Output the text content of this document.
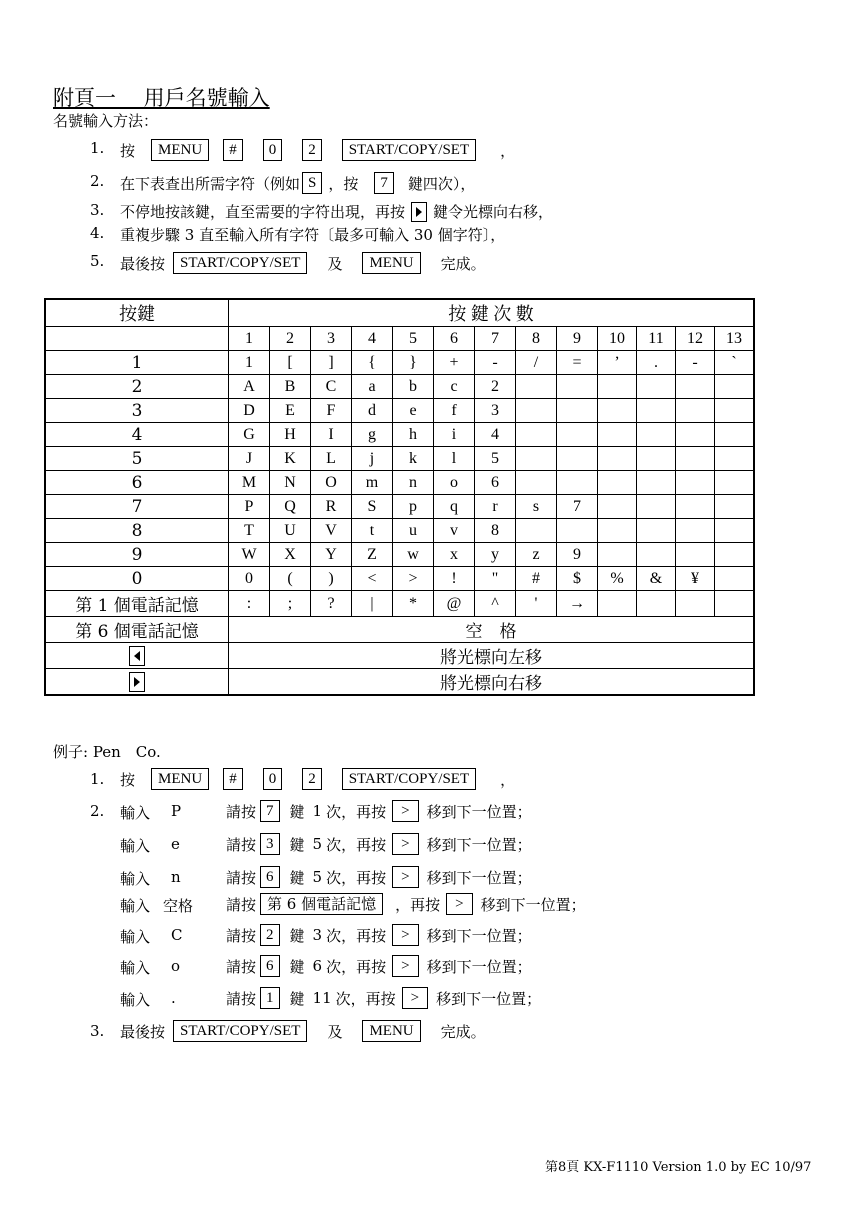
附頁一　 用戶名號輸入
名號輸入方法：
1. 按	MENU	#	0	2	START/COPY/SET	，
2. 在下表查出所需字符（例如 S ，按	7	鍵四次），
3. 不停地按該鍵，直至需要的字符出現，再按 鍵令光標向右移，
4. 重複步驟 3 直至輸入所有字符〔最多可輸入 30 個字符〕，
5. 最後按	START/COPY/SET	及	MENU	完成。
按鍵	按 鍵 次 數												
	1	2	3	4	5	6	7	8	9	10	11	12	13
1	1	[	]	{	}	+	-	/	=	’	.	-	`
2	A	B	C	a	b	c	2						
3	D	E	F	d	e	f	3						
4	G	H	I	g	h	i	4						
5	J	K	L	j	k	l	5						
6	M	N	O	m	n	o	6						
7	P	Q	R	S	p	q	r	s	7				
8	T	U	V	t	u	v	8						
9	W	X	Y	Z	w	x	y	z	9				
0	0	(	)	<	>	!	"	#	$	%	&	¥	
第 1 個電話記憶	:	;	?	|	*	@	^	'	→				
第 6 個電話記憶	空　格												

	將光標向左移												

	將光標向右移												
例子: Pen　Co.
1. 按	MENU	#	0	2	START/COPY/SET	，
2. 輸入 P	請按 7	鍵 1 次，再按	>	移到下一位置；
輸入 e	請按 3	鍵 5 次，再按	>	移到下一位置；
輸入 n	請按 6	鍵 5 次，再按	>	移到下一位置；
輸入 空格 請按 第 6 個電話記憶	，再按	>	移到下一位置；
輸入 C	請按 2	鍵 3 次，再按	>	移到下一位置；
輸入 o	請按 6	鍵 6 次，再按	>	移到下一位置；
輸入 .	請按 1	鍵 11 次，再按	>	移到下一位置；
3. 最後按	START/COPY/SET	及	MENU	完成。
第8頁 KX-F1110 Version 1.0 by EC 10/97
